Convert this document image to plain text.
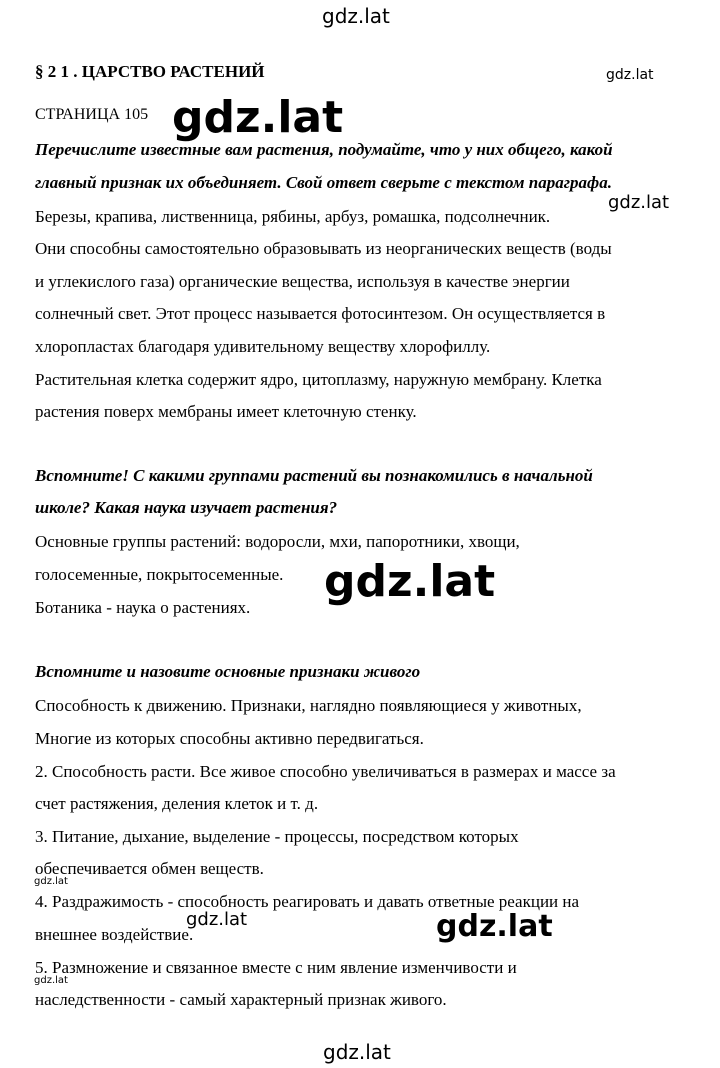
gdz.lat
§ 2 1 . ЦАРСТВО РАСТЕНИЙ	gdz.lat
СТРАНИЦА 105 gdz.lat
Перечислите известные вам растения, подумайте, что у них общего, какой
главный признак их объединяет. Свой ответ сверьте с текстом параграфа.
Березы, крапива, лиственница, рябины, арбуз, ромашка, подсолнечник.
gdz.lat
Они способны самостоятельно образовывать из неорганических веществ (воды
и углекислого газа) органические вещества, используя в качестве энергии
солнечный свет. Этот процесс называется фотосинтезом. Он осуществляется в
хлоропластах благодаря удивительному веществу хлорофиллу.
Растительная клетка содержит ядро, цитоплазму, наружную мембрану. Клетка
растения поверх мембраны имеет клеточную стенку.
Вспомните! С какими группами растений вы познакомились в начальной
школе? Какая наука изучает растения?
Основные группы растений: водоросли, мхи, папоротники, хвощи,
голосеменные, покрытосеменные. gdz.lat
Ботаника - наука о растениях.
Вспомните и назовите основные признаки живого
Способность к движению. Признаки, наглядно появляющиеся у животных,
Многие из которых способны активно передвигаться.
2. Способность расти. Все живое способно увеличиваться в размерах и массе за
счет растяжения, деления клеток и т. д.
3. Питание, дыхание, выделение - процессы, посредством которых
обеспечивается обмен веществ.
gdz.lat
4. Раздражимость - способность реагировать и давать ответные реакции на
gdz.lat	gdz.lat
внешнее воздействие.
5. Размножение и связанное вместе с ним явление изменчивости и
gdz.lat
наследственности - самый характерный признак живого.
gdz.lat
